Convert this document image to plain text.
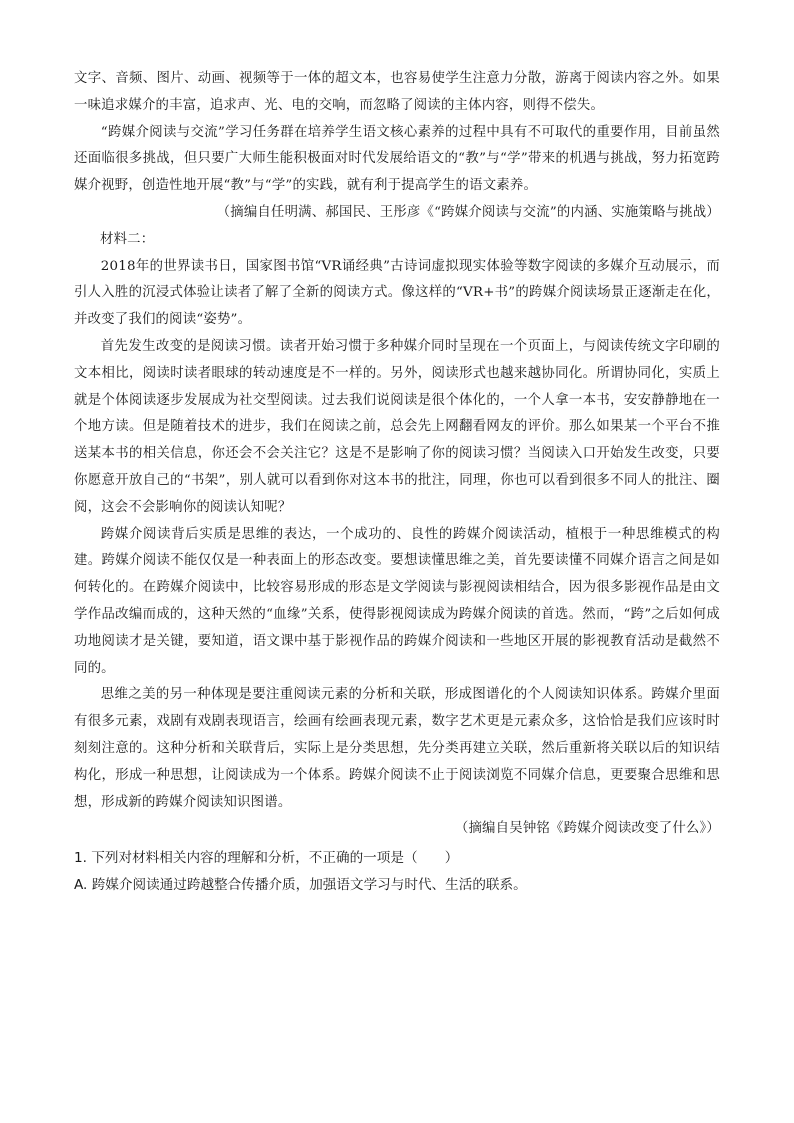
文字、音频、图片、动画、视频等于一体的超文本，也容易使学生注意力分散，游离于阅读内容之外。如果一味追求媒介的丰富，追求声、光、电的交响，而忽略了阅读的主体内容，则得不偿失。

“跨媒介阅读与交流”学习任务群在培养学生语文核心素养的过程中具有不可取代的重要作用，目前虽然还面临很多挑战，但只要广大师生能积极面对时代发展给语文的“教”与“学”带来的机遇与挑战，努力拓宽跨媒介视野，创造性地开展“教”与“学”的实践，就有利于提高学生的语文素养。

（摘编自任明满、郝国民、王彤彦《“跨媒介阅读与交流”的内涵、实施策略与挑战）

材料二：

2018年的世界读书日，国家图书馆“VR诵经典”古诗词虚拟现实体验等数字阅读的多媒介互动展示，而引人入胜的沉浸式体验让读者了解了全新的阅读方式。像这样的“VR+书”的跨媒介阅读场景正逐渐走在化，并改变了我们的阅读“姿势”。

首先发生改变的是阅读习惯。读者开始习惯于多种媒介同时呈现在一个页面上，与阅读传统文字印刷的文本相比，阅读时读者眼球的转动速度是不一样的。另外，阅读形式也越来越协同化。所谓协同化，实质上就是个体阅读逐步发展成为社交型阅读。过去我们说阅读是很个体化的，一个人拿一本书，安安静静地在一个地方读。但是随着技术的进步，我们在阅读之前，总会先上网翻看网友的评价。那么如果某一个平台不推送某本书的相关信息，你还会不会关注它？这是不是影响了你的阅读习惯？当阅读入口开始发生改变，只要你愿意开放自己的“书架”，别人就可以看到你对这本书的批注，同理，你也可以看到很多不同人的批注、圈阅，这会不会影响你的阅读认知呢？

跨媒介阅读背后实质是思维的表达，一个成功的、良性的跨媒介阅读活动，植根于一种思维模式的构建。跨媒介阅读不能仅仅是一种表面上的形态改变。要想读懂思维之美，首先要读懂不同媒介语言之间是如何转化的。在跨媒介阅读中，比较容易形成的形态是文学阅读与影视阅读相结合，因为很多影视作品是由文学作品改编而成的，这种天然的“血缘”关系，使得影视阅读成为跨媒介阅读的首选。然而，“跨”之后如何成功地阅读才是关键，要知道，语文课中基于影视作品的跨媒介阅读和一些地区开展的影视教育活动是截然不同的。

思维之美的另一种体现是要注重阅读元素的分析和关联，形成图谱化的个人阅读知识体系。跨媒介里面有很多元素，戏剧有戏剧表现语言，绘画有绘画表现元素，数字艺术更是元素众多，这恰恰是我们应该时时刻刻注意的。这种分析和关联背后，实际上是分类思想，先分类再建立关联，然后重新将关联以后的知识结构化，形成一种思想，让阅读成为一个体系。跨媒介阅读不止于阅读浏览不同媒介信息，更要聚合思维和思想，形成新的跨媒介阅读知识图谱。

（摘编自吴钟铭《跨媒介阅读改变了什么》）

1. 下列对材料相关内容的理解和分析，不正确的一项是（　　）

A. 跨媒介阅读通过跨越整合传播介质，加强语文学习与时代、生活的联系。
